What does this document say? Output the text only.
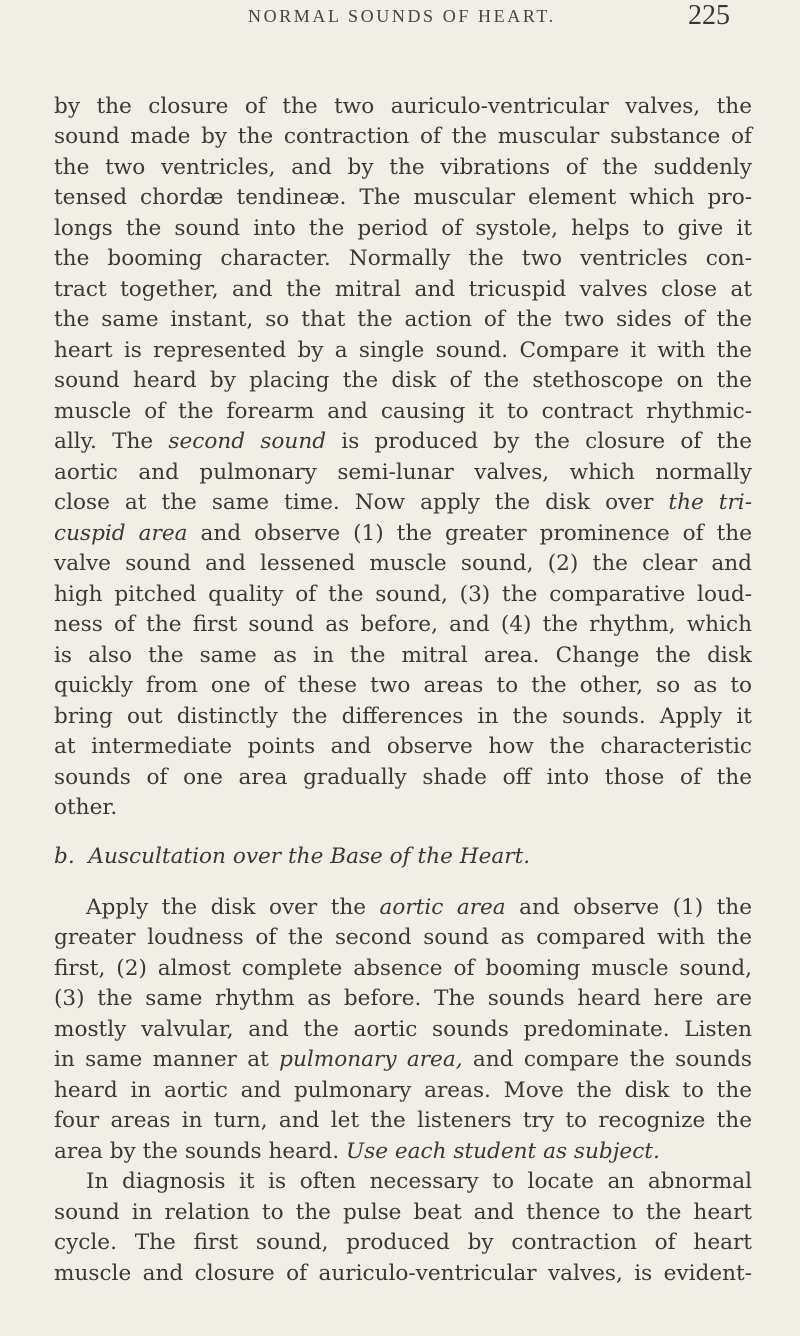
NORMAL SOUNDS OF HEART.	225
by the closure of the two auriculo-ventricular valves, the
sound made by the contraction of the muscular substance of
the two ventricles, and by the vibrations of the suddenly
tensed chordæ tendineæ. The muscular element which pro-
longs the sound into the period of systole, helps to give it
the booming character. Normally the two ventricles con-
tract together, and the mitral and tricuspid valves close at
the same instant, so that the action of the two sides of the
heart is represented by a single sound. Compare it with the
sound heard by placing the disk of the stethoscope on the
muscle of the forearm and causing it to contract rhythmic-
ally. The second sound is produced by the closure of the
aortic and pulmonary semi-lunar valves, which normally
close at the same time. Now apply the disk over the tri-
cuspid area and observe (1) the greater prominence of the
valve sound and lessened muscle sound, (2) the clear and
high pitched quality of the sound, (3) the comparative loud-
ness of the first sound as before, and (4) the rhythm, which
is also the same as in the mitral area. Change the disk
quickly from one of these two areas to the other, so as to
bring out distinctly the differences in the sounds. Apply it
at intermediate points and observe how the characteristic
sounds of one area gradually shade off into those of the
other.
b. Auscultation over the Base of the Heart.
Apply the disk over the aortic area and observe (1) the
greater loudness of the second sound as compared with the
first, (2) almost complete absence of booming muscle sound,
(3) the same rhythm as before. The sounds heard here are
mostly valvular, and the aortic sounds predominate. Listen
in same manner at pulmonary area, and compare the sounds
heard in aortic and pulmonary areas. Move the disk to the
four areas in turn, and let the listeners try to recognize the
area by the sounds heard. Use each student as subject.
In diagnosis it is often necessary to locate an abnormal
sound in relation to the pulse beat and thence to the heart
cycle. The first sound, produced by contraction of heart
muscle and closure of auriculo-ventricular valves, is evident-
